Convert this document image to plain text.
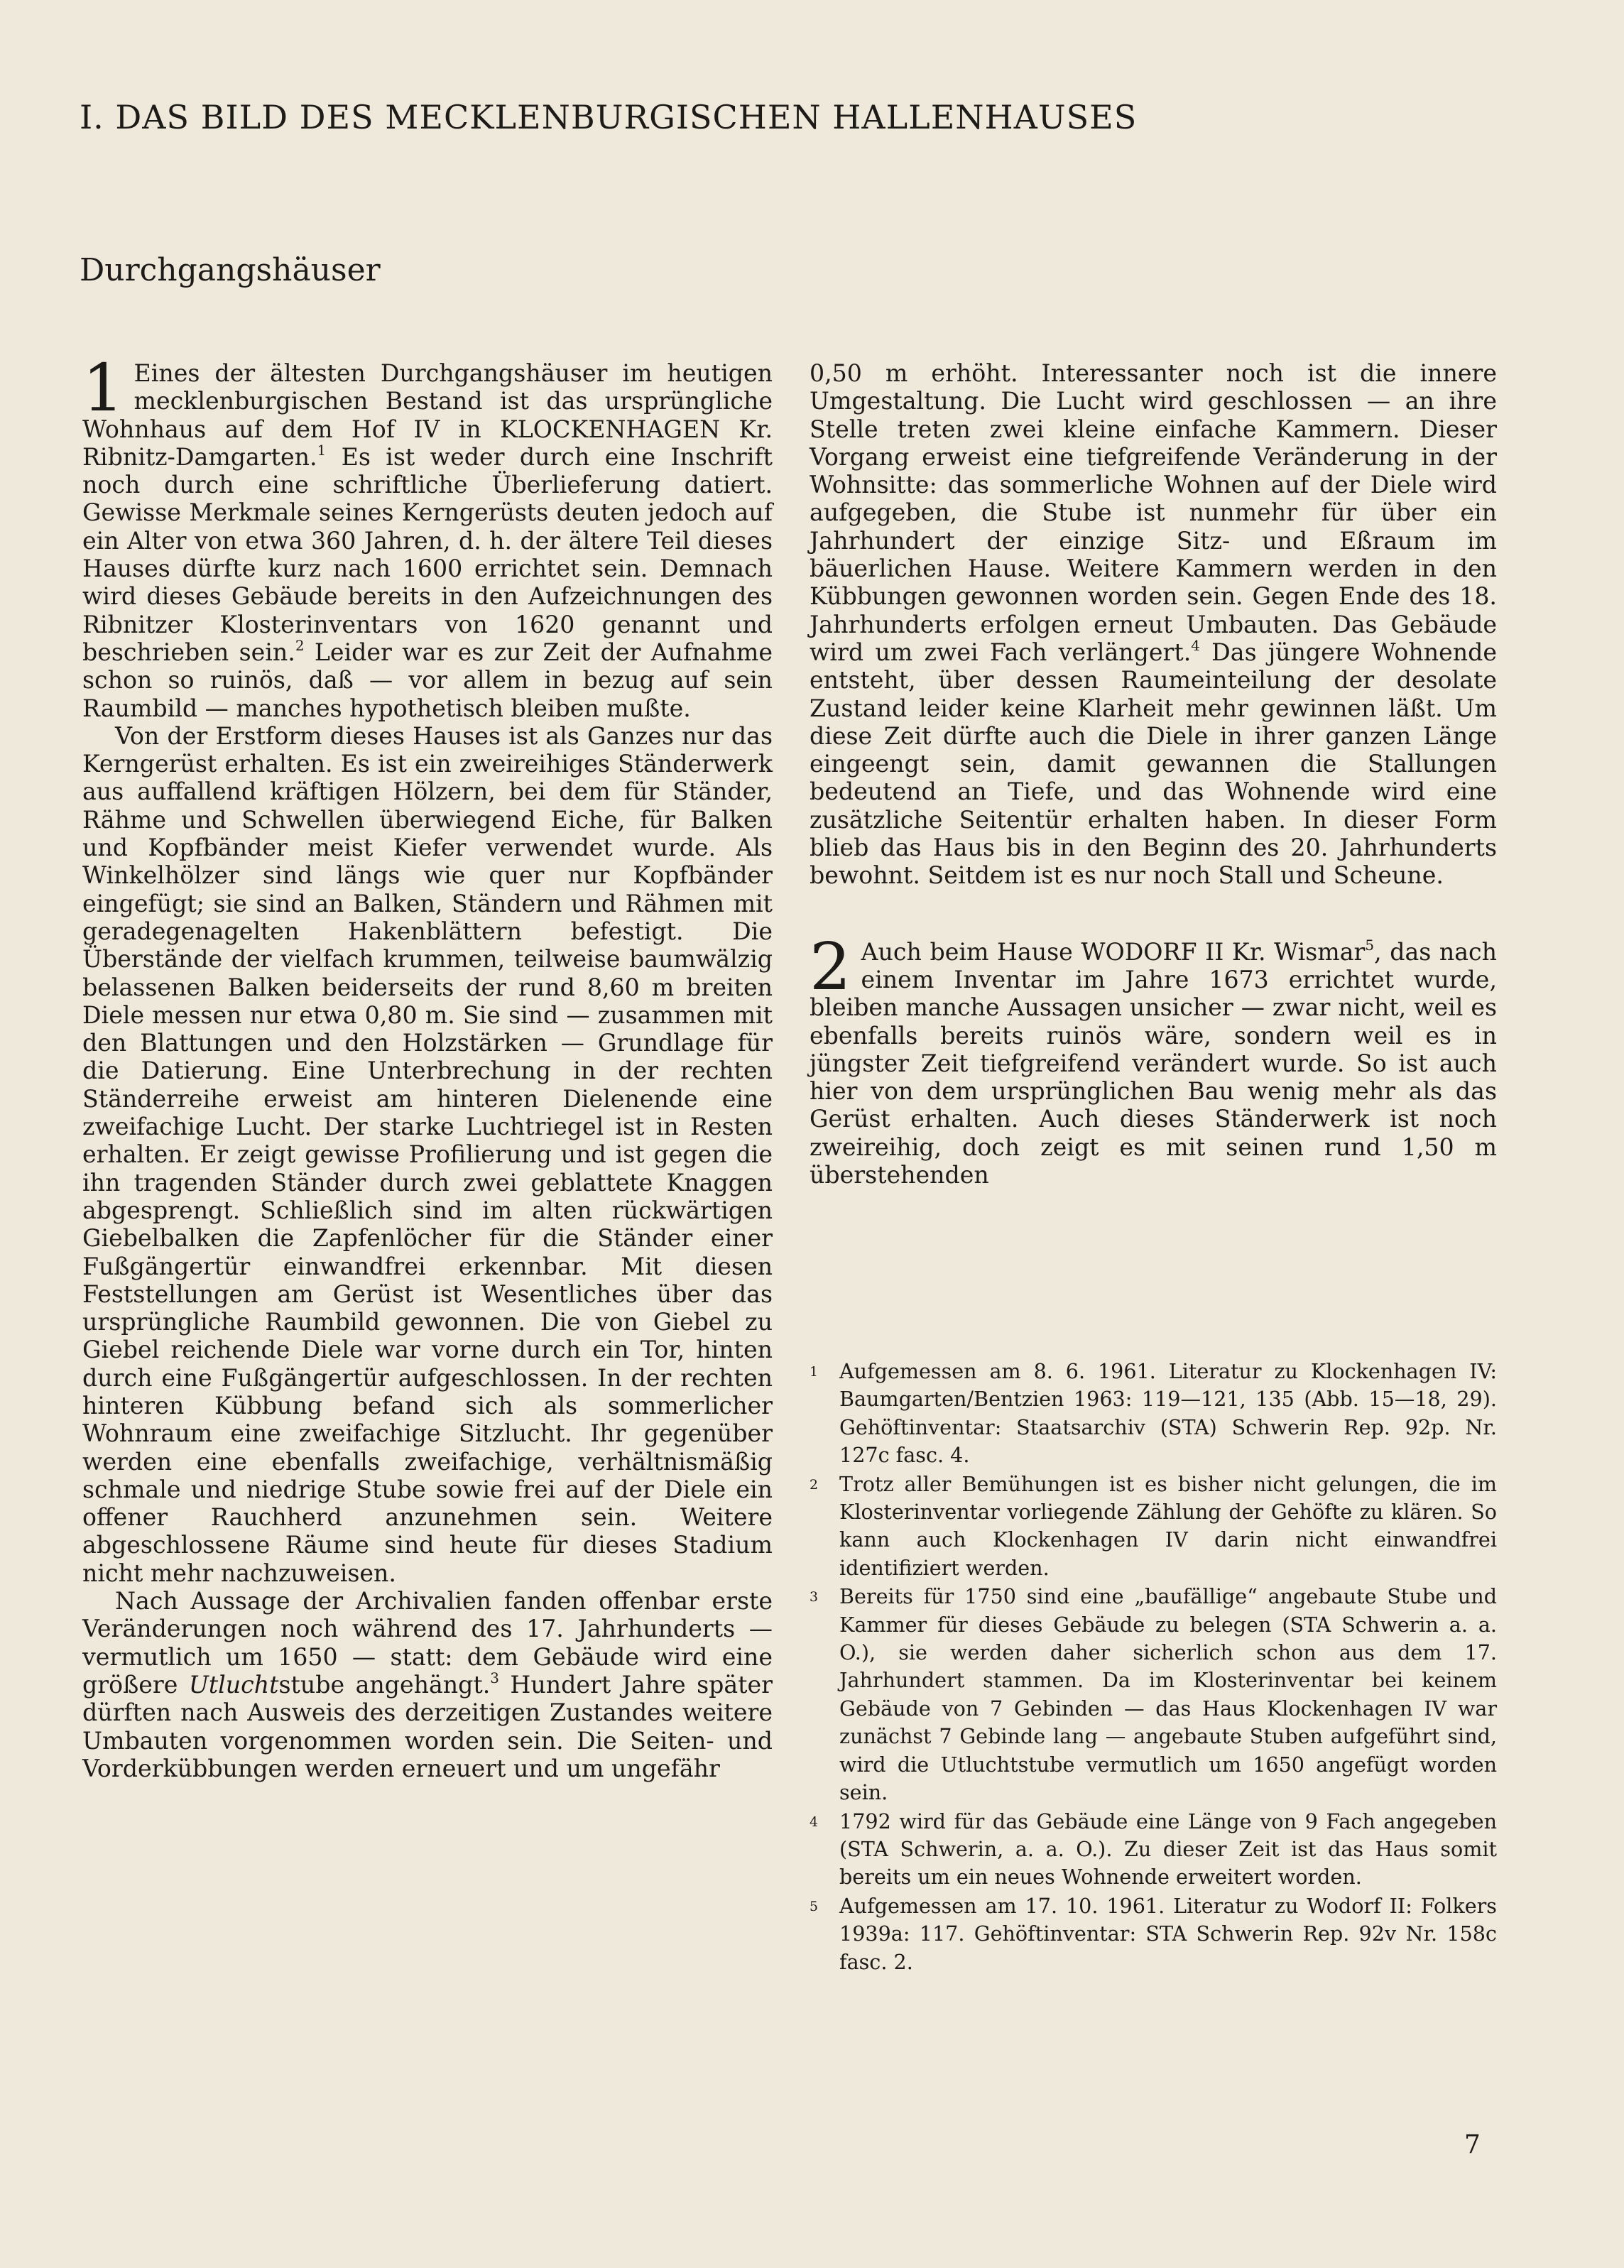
I. DAS BILD DES MECKLENBURGISCHEN HALLENHAUSES
Durchgangshäuser

1 Eines der ältesten Durchgangshäuser im heutigen mecklenburgischen Bestand ist das ursprüngliche Wohnhaus auf dem Hof IV in KLOCKENHAGEN Kr. Ribnitz-Damgarten.$^1$ Es ist weder durch eine Inschrift noch durch eine schriftliche Überlieferung datiert. Gewisse Merkmale seines Kerngerüsts deuten jedoch auf ein Alter von etwa 360 Jahren, d. h. der ältere Teil dieses Hauses dürfte kurz nach 1600 errichtet sein. Demnach wird dieses Gebäude bereits in den Aufzeichnungen des Ribnitzer Klosterinventars von 1620 genannt und beschrieben sein.$^2$ Leider war es zur Zeit der Aufnahme schon so ruinös, daß — vor allem in bezug auf sein Raumbild — manches hypothetisch bleiben mußte.

Von der Erstform dieses Hauses ist als Ganzes nur das Kerngerüst erhalten. Es ist ein zweireihiges Ständerwerk aus auffallend kräftigen Hölzern, bei dem für Ständer, Rähme und Schwellen überwiegend Eiche, für Balken und Kopfbänder meist Kiefer verwendet wurde. Als Winkelhölzer sind längs wie quer nur Kopfbänder eingefügt; sie sind an Balken, Ständern und Rähmen mit geradegenagelten Hakenblättern befestigt. Die Überstände der vielfach krummen, teilweise baumwälzig belassenen Balken beiderseits der rund 8,60 m breiten Diele messen nur etwa 0,80 m. Sie sind — zusammen mit den Blattungen und den Holzstärken — Grundlage für die Datierung. Eine Unterbrechung in der rechten Ständerreihe erweist am hinteren Dielenende eine zweifachige Lucht. Der starke Luchtriegel ist in Resten erhalten. Er zeigt gewisse Profilierung und ist gegen die ihn tragenden Ständer durch zwei geblattete Knaggen abgesprengt. Schließlich sind im alten rückwärtigen Giebelbalken die Zapfenlöcher für die Ständer einer Fußgängertür einwandfrei erkennbar. Mit diesen Feststellungen am Gerüst ist Wesentliches über das ursprüngliche Raumbild gewonnen. Die von Giebel zu Giebel reichende Diele war vorne durch ein Tor, hinten durch eine Fußgängertür aufgeschlossen. In der rechten hinteren Kübbung befand sich als sommerlicher Wohnraum eine zweifachige Sitzlucht. Ihr gegenüber werden eine ebenfalls zweifachige, verhältnismäßig schmale und niedrige Stube sowie frei auf der Diele ein offener Rauchherd anzunehmen sein. Weitere abgeschlossene Räume sind heute für dieses Stadium nicht mehr nachzuweisen.

Nach Aussage der Archivalien fanden offenbar erste Veränderungen noch während des 17. Jahrhunderts — vermutlich um 1650 — statt: dem Gebäude wird eine größere Utluchtstube angehängt.$^3$ Hundert Jahre später dürften nach Ausweis des derzeitigen Zustandes weitere Umbauten vorgenommen worden sein. Die Seiten- und Vorderkübbungen werden erneuert und um ungefähr

0,50 m erhöht. Interessanter noch ist die innere Umgestaltung. Die Lucht wird geschlossen — an ihre Stelle treten zwei kleine einfache Kammern. Dieser Vorgang erweist eine tiefgreifende Veränderung in der Wohnsitte: das sommerliche Wohnen auf der Diele wird aufgegeben, die Stube ist nunmehr für über ein Jahrhundert der einzige Sitz- und Eßraum im bäuerlichen Hause. Weitere Kammern werden in den Kübbungen gewonnen worden sein. Gegen Ende des 18. Jahrhunderts erfolgen erneut Umbauten. Das Gebäude wird um zwei Fach verlängert.$^4$ Das jüngere Wohnende entsteht, über dessen Raumeinteilung der desolate Zustand leider keine Klarheit mehr gewinnen läßt. Um diese Zeit dürfte auch die Diele in ihrer ganzen Länge eingeengt sein, damit gewannen die Stallungen bedeutend an Tiefe, und das Wohnende wird eine zusätzliche Seitentür erhalten haben. In dieser Form blieb das Haus bis in den Beginn des 20. Jahrhunderts bewohnt. Seitdem ist es nur noch Stall und Scheune.

2 Auch beim Hause WODORF II Kr. Wismar$^5$, das nach einem Inventar im Jahre 1673 errichtet wurde, bleiben manche Aussagen unsicher — zwar nicht, weil es ebenfalls bereits ruinös wäre, sondern weil es in jüngster Zeit tiefgreifend verändert wurde. So ist auch hier von dem ursprünglichen Bau wenig mehr als das Gerüst erhalten. Auch dieses Ständerwerk ist noch zweireihig, doch zeigt es mit seinen rund 1,50 m überstehenden

1	Aufgemessen am 8. 6. 1961. Literatur zu Klockenhagen IV: Baumgarten/Bentzien 1963: 119—121, 135 (Abb. 15—18, 29). Gehöftinventar: Staatsarchiv (STA) Schwerin Rep. 92p. Nr. 127c fasc. 4.
2	Trotz aller Bemühungen ist es bisher nicht gelungen, die im Klosterinventar vorliegende Zählung der Gehöfte zu klären. So kann auch Klockenhagen IV darin nicht einwandfrei identifiziert werden.
3	Bereits für 1750 sind eine „baufällige“ angebaute Stube und Kammer für dieses Gebäude zu belegen (STA Schwerin a. a. O.), sie werden daher sicherlich schon aus dem 17. Jahrhundert stammen. Da im Klosterinventar bei keinem Gebäude von 7 Gebinden — das Haus Klockenhagen IV war zunächst 7 Gebinde lang — angebaute Stuben aufgeführt sind, wird die Utluchtstube vermutlich um 1650 angefügt worden sein.
4	1792 wird für das Gebäude eine Länge von 9 Fach angegeben (STA Schwerin, a. a. O.). Zu dieser Zeit ist das Haus somit bereits um ein neues Wohnende erweitert worden.
5	Aufgemessen am 17. 10. 1961. Literatur zu Wodorf II: Folkers 1939a: 117. Gehöftinventar: STA Schwerin Rep. 92v Nr. 158c fasc. 2.
7
